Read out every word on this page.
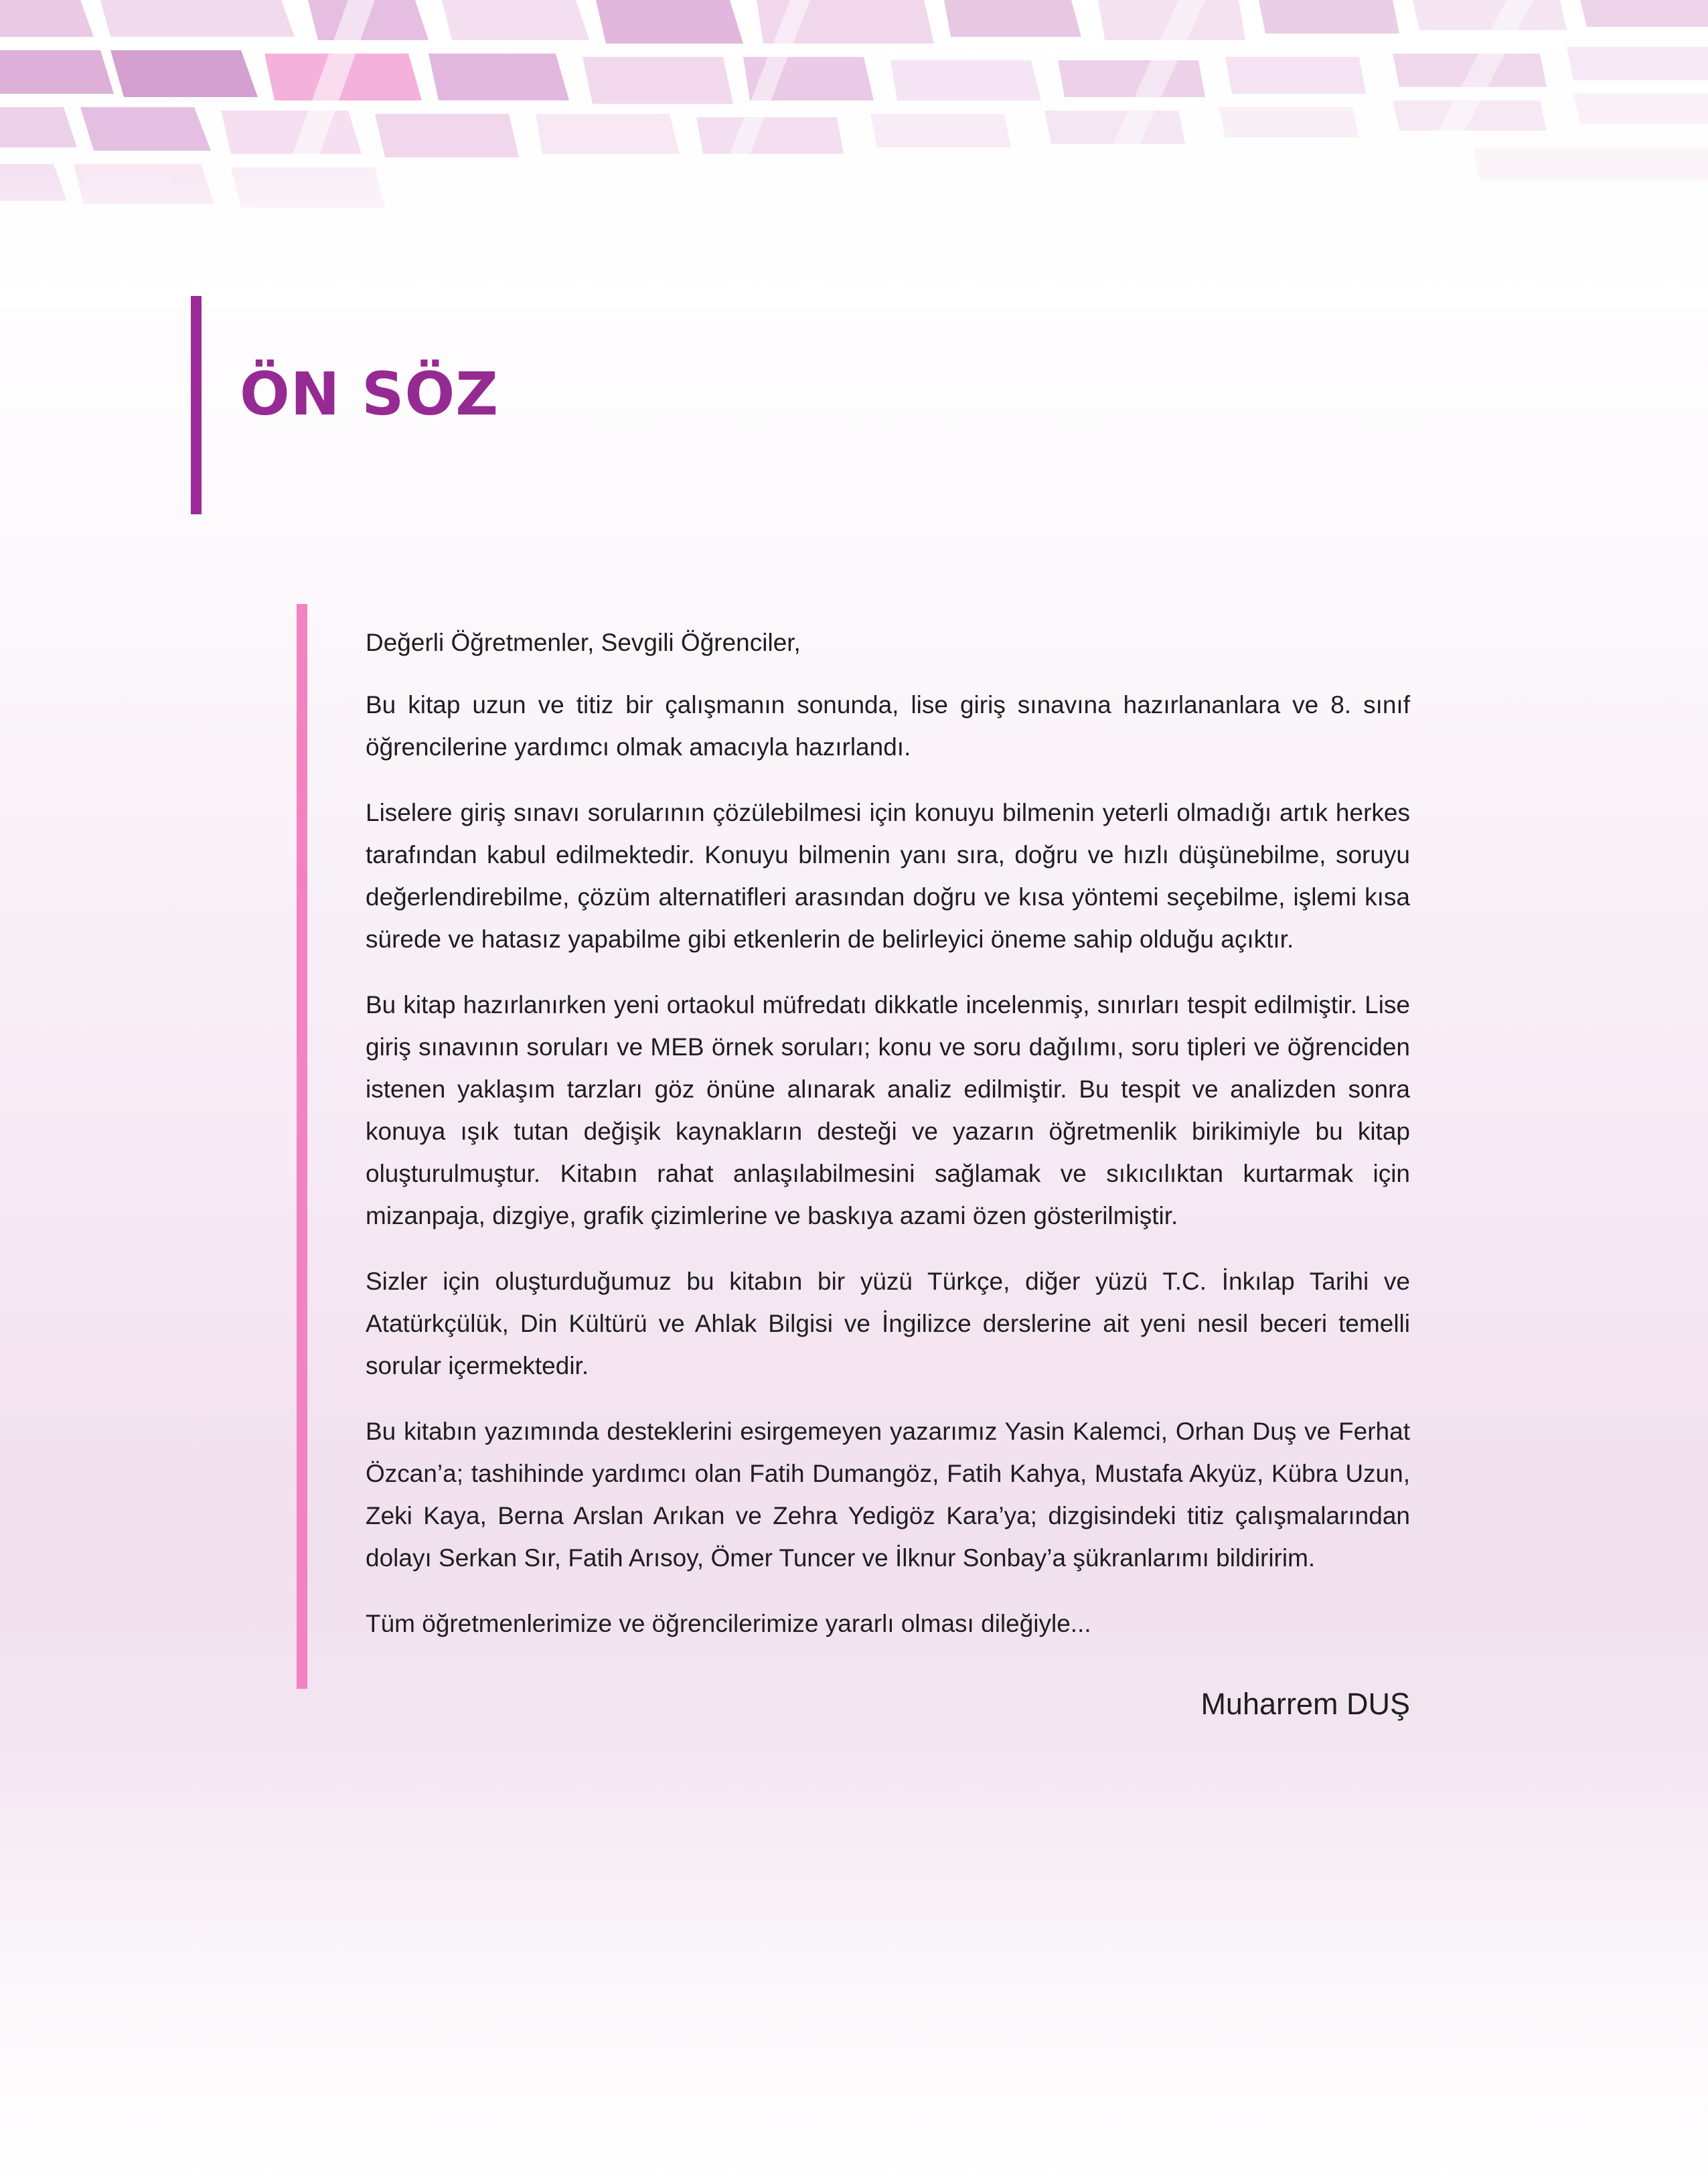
ÖN SÖZ

Değerli Öğretmenler, Sevgili Öğrenciler,

Bu kitap uzun ve titiz bir çalışmanın sonunda, lise giriş sınavına hazırlananlara ve 8. sınıf öğrencilerine yardımcı olmak amacıyla hazırlandı.

Liselere giriş sınavı sorularının çözülebilmesi için konuyu bilmenin yeterli olmadığı artık herkes tarafından kabul edilmektedir. Konuyu bilmenin yanı sıra, doğru ve hızlı düşünebilme, soruyu değerlendirebilme, çözüm alternatifleri arasından doğru ve kısa yöntemi seçebilme, işlemi kısa sürede ve hatasız yapabilme gibi etkenlerin de belirleyici öneme sahip olduğu açıktır.

Bu kitap hazırlanırken yeni ortaokul müfredatı dikkatle incelenmiş, sınırları tespit edilmiştir. Lise giriş sınavının soruları ve MEB örnek soruları; konu ve soru dağılımı, soru tipleri ve öğrenciden istenen yaklaşım tarzları göz önüne alınarak analiz edilmiştir. Bu tespit ve analizden sonra konuya ışık tutan değişik kaynakların desteği ve yazarın öğretmenlik birikimiyle bu kitap oluşturulmuştur. Kitabın rahat anlaşılabilmesini sağlamak ve sıkıcılıktan kurtarmak için mizanpaja, dizgiye, grafik çizimlerine ve baskıya azami özen gösterilmiştir.

Sizler için oluşturduğumuz bu kitabın bir yüzü Türkçe, diğer yüzü T.C. İnkılap Tarihi ve Atatürkçülük, Din Kültürü ve Ahlak Bilgisi ve İngilizce derslerine ait yeni nesil beceri temelli sorular içermektedir.

Bu kitabın yazımında desteklerini esirgemeyen yazarımız Yasin Kalemci, Orhan Duş ve Ferhat Özcan’a; tashihinde yardımcı olan Fatih Dumangöz, Fatih Kahya, Mustafa Akyüz, Kübra Uzun, Zeki Kaya, Berna Arslan Arıkan ve Zehra Yedigöz Kara’ya; dizgisindeki titiz çalışmalarından dolayı Serkan Sır, Fatih Arısoy, Ömer Tuncer ve İlknur Sonbay’a şükranlarımı bildiririm.

Tüm öğretmenlerimize ve öğrencilerimize yararlı olması dileğiyle...

Muharrem DUŞ
